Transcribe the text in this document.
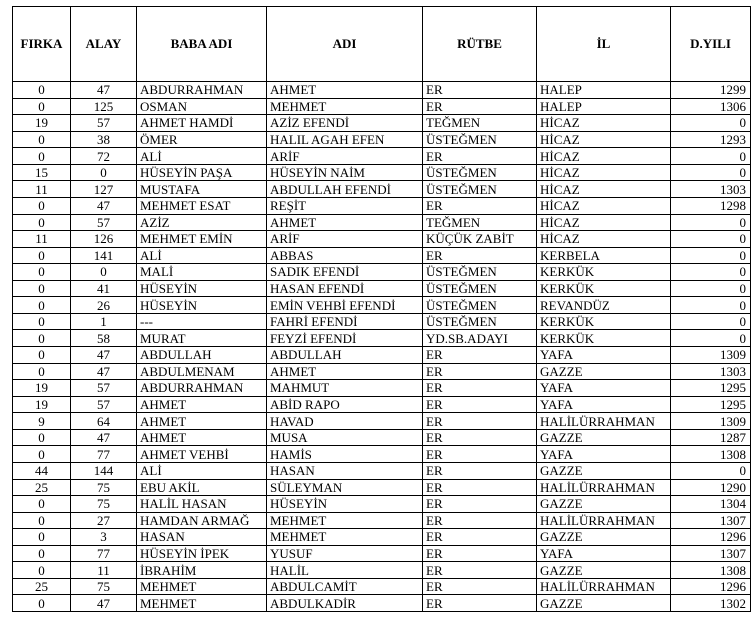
FIRKA	ALAY	BABA ADI	ADI	RÜTBE	İL	D.YILI
0	47	ABDURRAHMAN	AHMET	ER	HALEP	1299
0	125	OSMAN	MEHMET	ER	HALEP	1306
19	57	AHMET HAMDİ	AZİZ EFENDİ	TEĞMEN	HİCAZ	0
0	38	ÖMER	HALIL AGAH EFEN	ÜSTEĞMEN	HİCAZ	1293
0	72	ALİ	ARİF	ER	HİCAZ	0
15	0	HÜSEYİN PAŞA	HÜSEYİN NAİM	ÜSTEĞMEN	HİCAZ	0
11	127	MUSTAFA	ABDULLAH EFENDİ	ÜSTEĞMEN	HİCAZ	1303
0	47	MEHMET ESAT	REŞİT	ER	HİCAZ	1298
0	57	AZİZ	AHMET	TEĞMEN	HİCAZ	0
11	126	MEHMET EMİN	ARİF	KÜÇÜK ZABİT	HİCAZ	0
0	141	ALİ	ABBAS	ER	KERBELA	0
0	0	MALİ	SADIK EFENDİ	ÜSTEĞMEN	KERKÜK	0
0	41	HÜSEYİN	HASAN EFENDİ	ÜSTEĞMEN	KERKÜK	0
0	26	HÜSEYİN	EMİN VEHBİ EFENDİ	ÜSTEĞMEN	REVANDÜZ	0
0	1	---	FAHRİ EFENDİ	ÜSTEĞMEN	KERKÜK	0
0	58	MURAT	FEYZİ EFENDİ	YD.SB.ADAYI	KERKÜK	0
0	47	ABDULLAH	ABDULLAH	ER	YAFA	1309
0	47	ABDULMENAM	AHMET	ER	GAZZE	1303
19	57	ABDURRAHMAN	MAHMUT	ER	YAFA	1295
19	57	AHMET	ABİD RAPO	ER	YAFA	1295
9	64	AHMET	HAVAD	ER	HALİLÜRRAHMAN	1309
0	47	AHMET	MUSA	ER	GAZZE	1287
0	77	AHMET VEHBİ	HAMİS	ER	YAFA	1308
44	144	ALİ	HASAN	ER	GAZZE	0
25	75	EBU AKİL	SÜLEYMAN	ER	HALİLÜRRAHMAN	1290
0	75	HALİL HASAN	HÜSEYİN	ER	GAZZE	1304
0	27	HAMDAN ARMAĞ	MEHMET	ER	HALİLÜRRAHMAN	1307
0	3	HASAN	MEHMET	ER	GAZZE	1296
0	77	HÜSEYİN İPEK	YUSUF	ER	YAFA	1307
0	11	İBRAHİM	HALİL	ER	GAZZE	1308
25	75	MEHMET	ABDULCAMİT	ER	HALİLÜRRAHMAN	1296
0	47	MEHMET	ABDULKADİR	ER	GAZZE	1302
